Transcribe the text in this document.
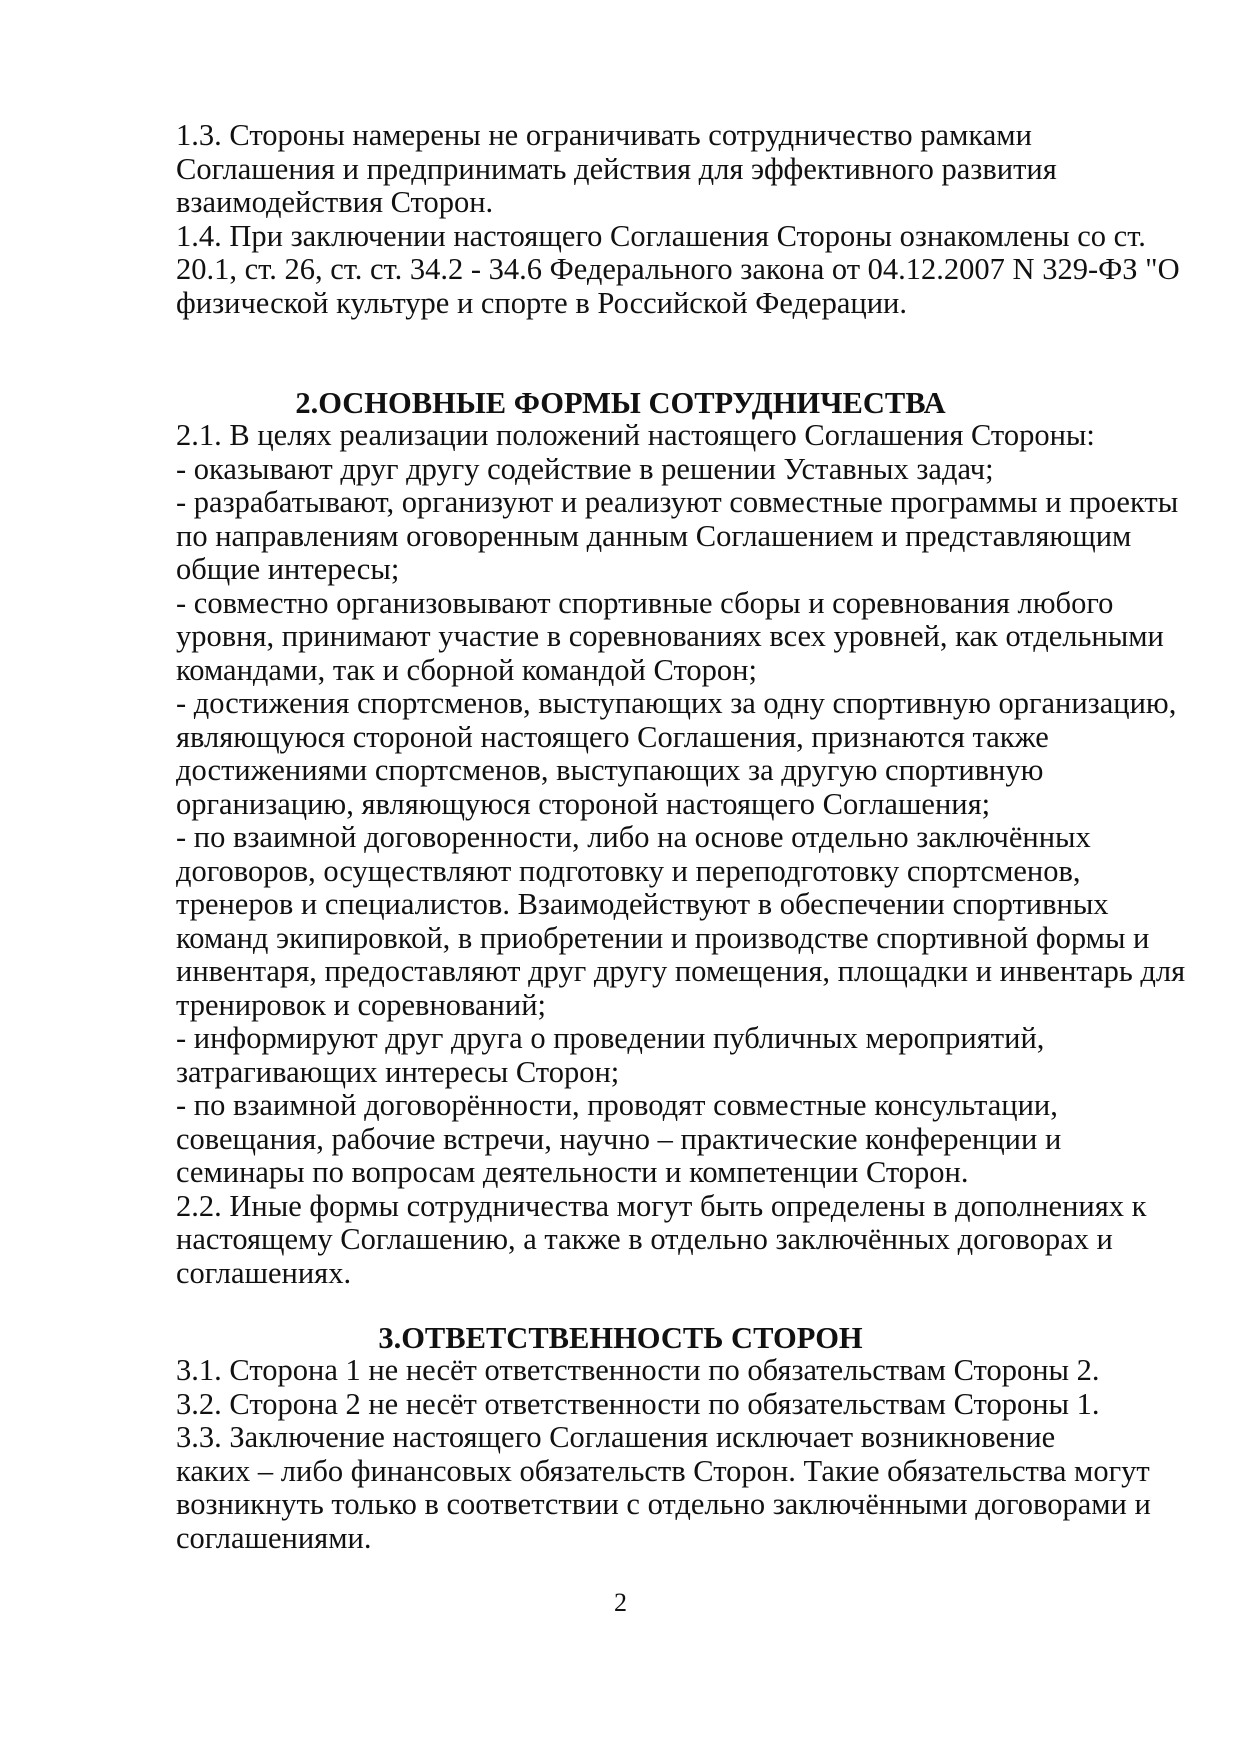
1.3. Стороны намерены не ограничивать сотрудничество рамками
Соглашения и предпринимать действия для эффективного развития
взаимодействия Сторон.
1.4. При заключении настоящего Соглашения Стороны ознакомлены со ст.
20.1, ст. 26, ст. ст. 34.2 - 34.6 Федерального закона от 04.12.2007 N 329-ФЗ "О
физической культуре и спорте в Российской Федерации.
2.ОСНОВНЫЕ ФОРМЫ СОТРУДНИЧЕСТВА
2.1. В целях реализации положений настоящего Соглашения Стороны:
- оказывают друг другу содействие в решении Уставных задач;
- разрабатывают, организуют и реализуют совместные программы и проекты
по направлениям оговоренным данным Соглашением и представляющим
общие интересы;
- совместно организовывают спортивные сборы и соревнования любого
уровня, принимают участие в соревнованиях всех уровней, как отдельными
командами, так и сборной командой Сторон;
- достижения спортсменов, выступающих за одну спортивную организацию,
являющуюся стороной настоящего Соглашения, признаются также
достижениями спортсменов, выступающих за другую спортивную
организацию, являющуюся стороной настоящего Соглашения;
- по взаимной договоренности, либо на основе отдельно заключённых
договоров, осуществляют подготовку и переподготовку спортсменов,
тренеров и специалистов. Взаимодействуют в обеспечении спортивных
команд экипировкой, в приобретении и производстве спортивной формы и
инвентаря, предоставляют друг другу помещения, площадки и инвентарь для
тренировок и соревнований;
- информируют друг друга о проведении публичных мероприятий,
затрагивающих интересы Сторон;
- по взаимной договорённости, проводят совместные консультации,
совещания, рабочие встречи, научно – практические конференции и
семинары по вопросам деятельности и компетенции Сторон.
2.2. Иные формы сотрудничества могут быть определены в дополнениях к
настоящему Соглашению, а также в отдельно заключённых договорах и
соглашениях.
3.ОТВЕТСТВЕННОСТЬ СТОРОН
3.1. Сторона 1 не несёт ответственности по обязательствам Стороны 2.
3.2. Сторона 2 не несёт ответственности по обязательствам Стороны 1.
3.3. Заключение настоящего Соглашения исключает возникновение
каких – либо финансовых обязательств Сторон. Такие обязательства могут
возникнуть только в соответствии с отдельно заключёнными договорами и
соглашениями.
2
